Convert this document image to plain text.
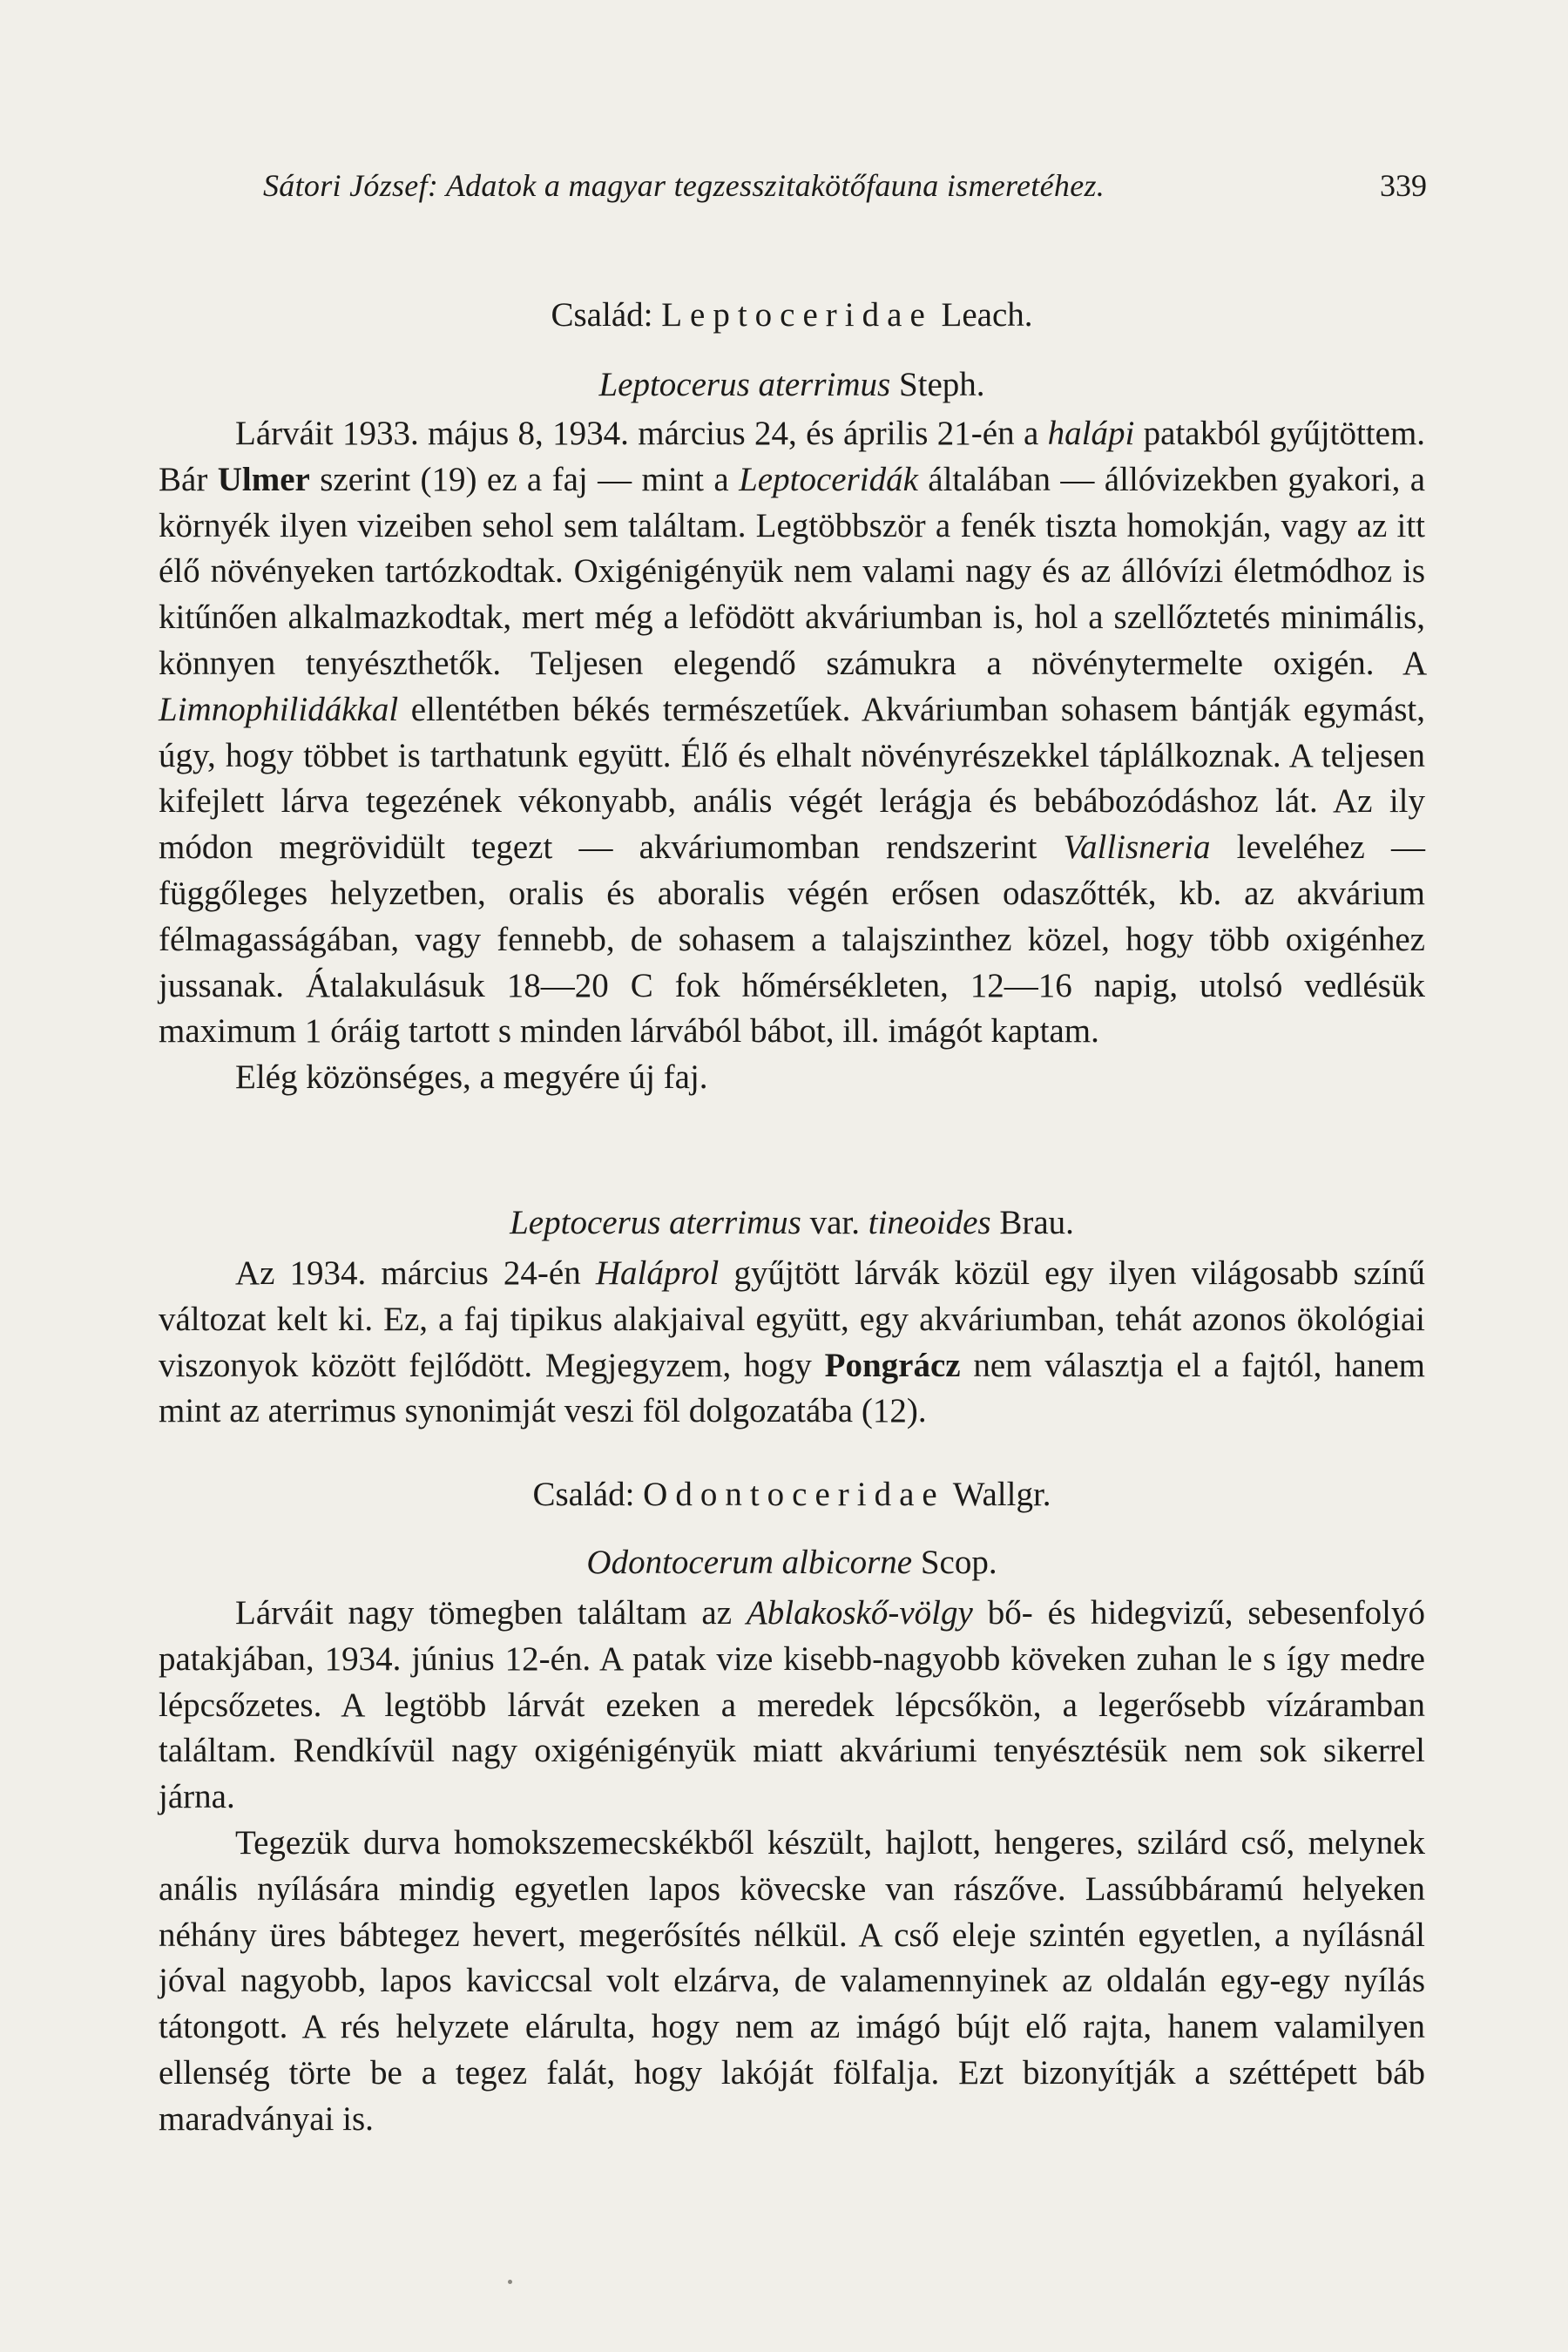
Sátori József: Adatok a magyar tegzesszitakötőfauna ismeretéhez.	339

Család: Leptoceridae Leach.

Leptocerus aterrimus Steph.

Lárváit 1933. május 8, 1934. március 24, és április 21-én a halápi patakból gyűjtöttem. Bár Ulmer szerint (19) ez a faj — mint a Leptoceridák általában — állóvizekben gyakori, a környék ilyen vizeiben sehol sem találtam. Legtöbbször a fenék tiszta homokján, vagy az itt élő növényeken tartózkodtak. Oxigénigényük nem valami nagy és az állóvízi életmódhoz is kitűnően alkalmazkodtak, mert még a lefödött akváriumban is, hol a szellőztetés minimális, könnyen tenyészthetők. Teljesen elegendő számukra a növénytermelte oxigén. A Limnophilidákkal ellentétben békés természetűek. Akváriumban sohasem bántják egymást, úgy, hogy többet is tarthatunk együtt. Élő és elhalt növényrészekkel táplálkoznak. A teljesen kifejlett lárva tegezének vékonyabb, anális végét lerágja és bebábozódáshoz lát. Az ily módon megrövidült tegezt — akváriumomban rendszerint Vallisneria leveléhez — függőleges helyzetben, oralis és aboralis végén erősen odaszőtték, kb. az akvárium félmagasságában, vagy fennebb, de sohasem a talajszinthez közel, hogy több oxigénhez jussanak. Átalakulásuk 18—20 C fok hőmérsékleten, 12—16 napig, utolsó vedlésük maximum 1 óráig tartott s minden lárvából bábot, ill. imágót kaptam.

Elég közönséges, a megyére új faj.

Leptocerus aterrimus var. tineoides Brau.

Az 1934. március 24-én Haláprol gyűjtött lárvák közül egy ilyen világosabb színű változat kelt ki. Ez, a faj tipikus alakjaival együtt, egy akváriumban, tehát azonos ökológiai viszonyok között fejlődött. Megjegyzem, hogy Pongrácz nem választja el a fajtól, hanem mint az aterrimus synonimját veszi föl dolgozatába (12).

Család: Odontoceridae Wallgr.

Odontocerum albicorne Scop.

Lárváit nagy tömegben találtam az Ablakoskő-völgy bő- és hidegvizű, sebesenfolyó patakjában, 1934. június 12-én. A patak vize kisebb-nagyobb köveken zuhan le s így medre lépcsőzetes. A legtöbb lárvát ezeken a meredek lépcsőkön, a legerősebb vízáramban találtam. Rendkívül nagy oxigénigényük miatt akváriumi tenyésztésük nem sok sikerrel járna.

Tegezük durva homokszemecskékből készült, hajlott, hengeres, szilárd cső, melynek anális nyílására mindig egyetlen lapos kövecske van rászőve. Lassúbbáramú helyeken néhány üres bábtegez hevert, megerősítés nélkül. A cső eleje szintén egyetlen, a nyílásnál jóval nagyobb, lapos kaviccsal volt elzárva, de valamennyinek az oldalán egy-egy nyílás tátongott. A rés helyzete elárulta, hogy nem az imágó bújt elő rajta, hanem valamilyen ellenség törte be a tegez falát, hogy lakóját fölfalja. Ezt bizonyítják a széttépett báb maradványai is.
